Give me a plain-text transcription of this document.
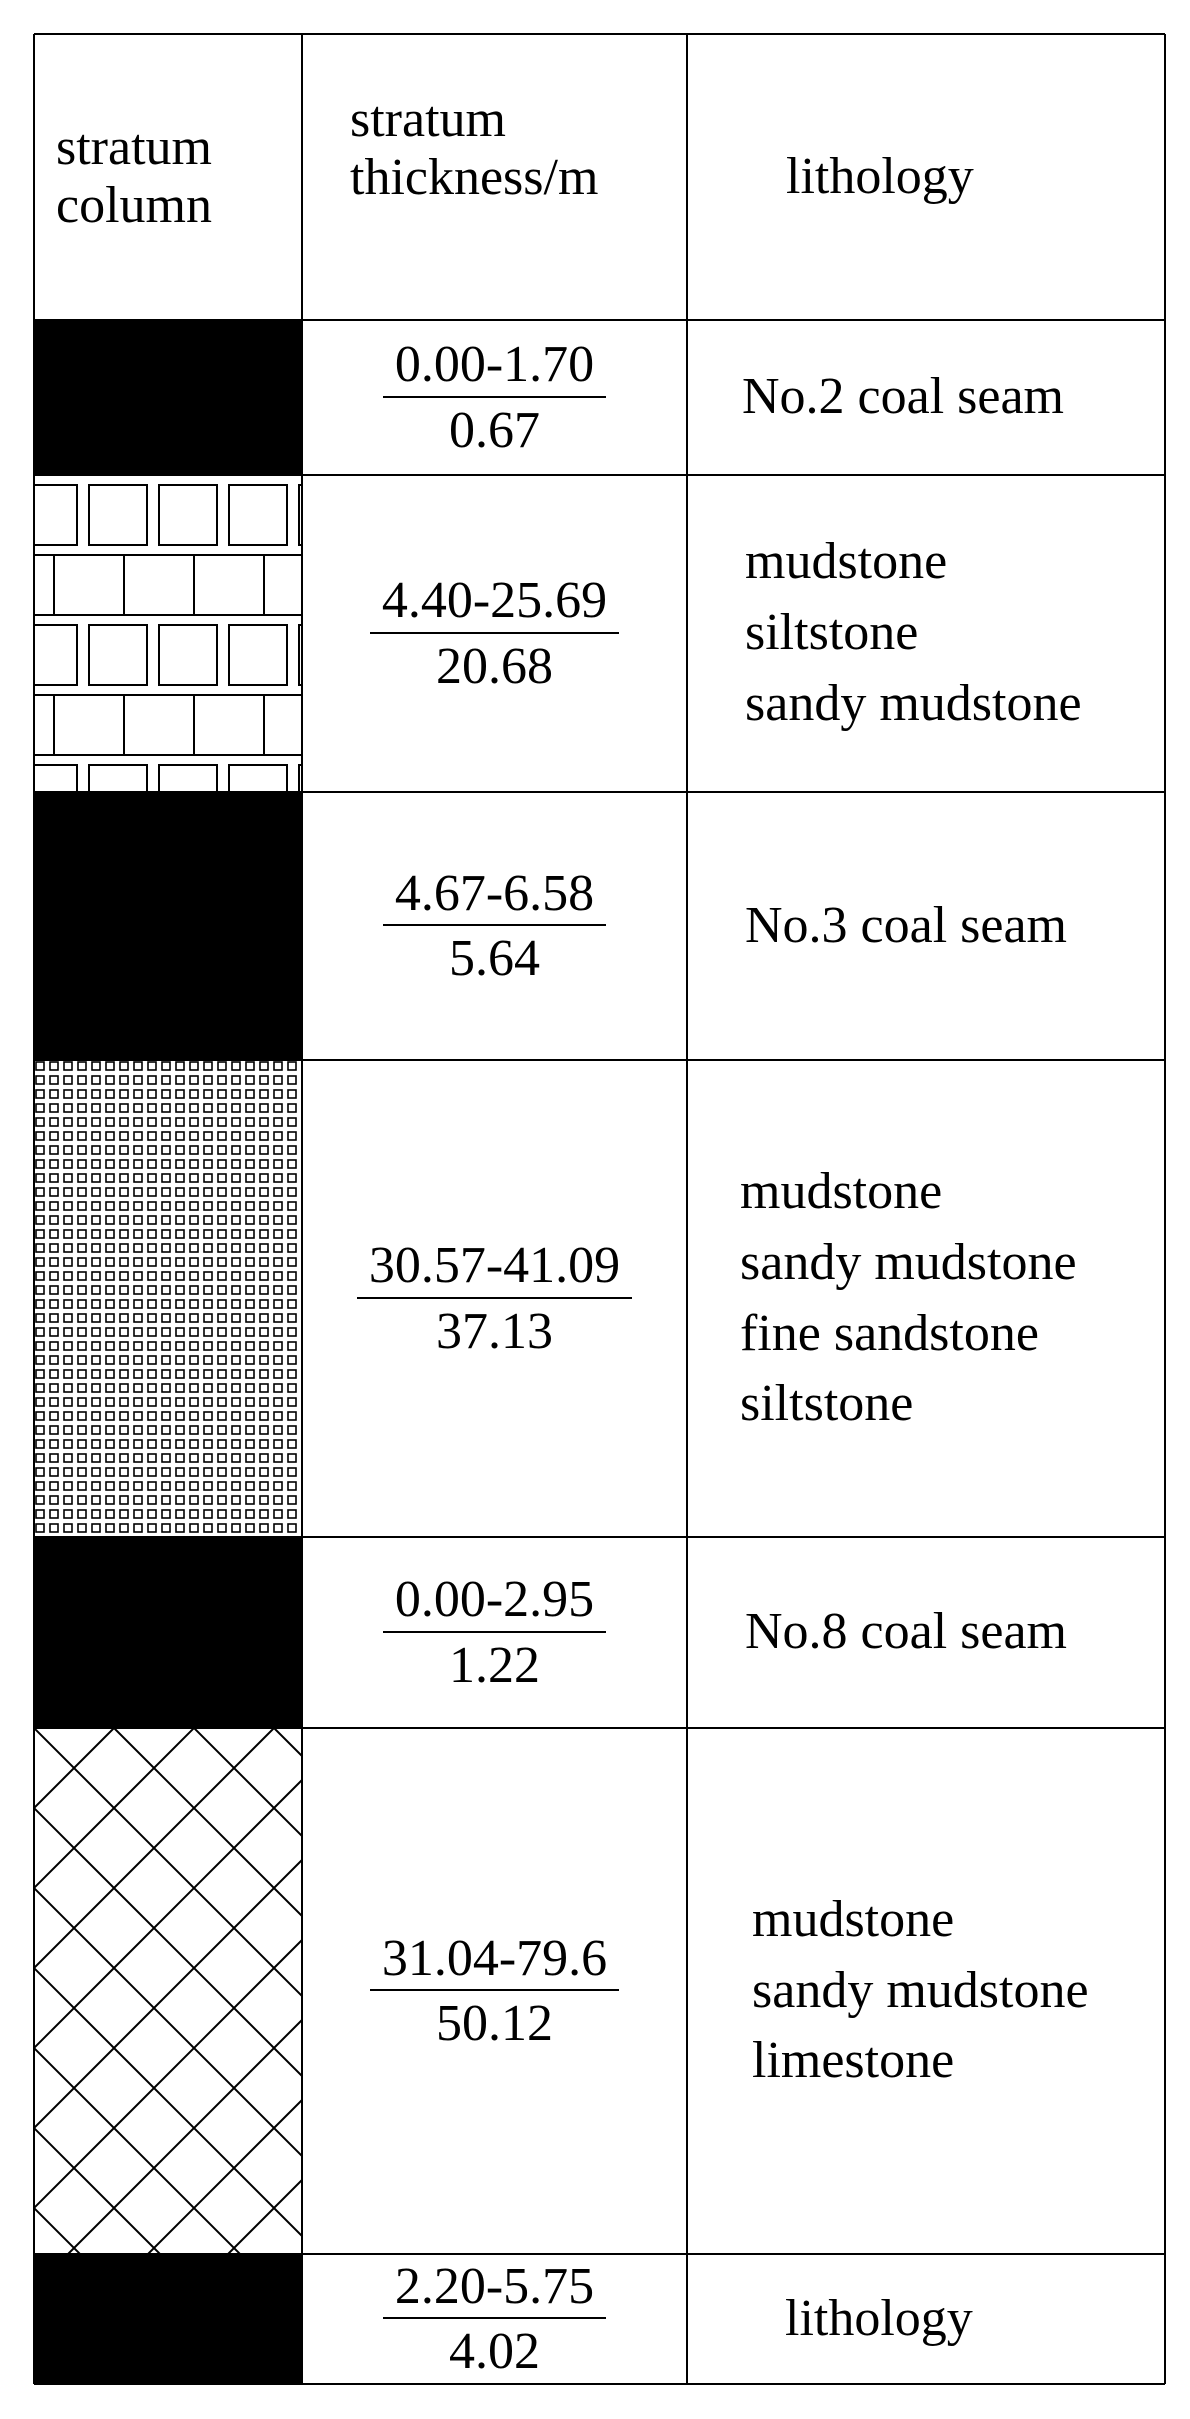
stratum
column
stratum
thickness/m	lithology
0.00-1.70
0.67
No.2 coal seam
4.40-25.69
20.68
mudstone
siltstone
sandy mudstone
4.67-6.58
5.64
No.3 coal seam
30.57-41.09
37.13
mudstone
sandy mudstone
fine sandstone
siltstone
0.00-2.95
1.22
No.8 coal seam
31.04-79.6
50.12
mudstone
sandy mudstone
limestone
2.20-5.75
4.02
lithology
